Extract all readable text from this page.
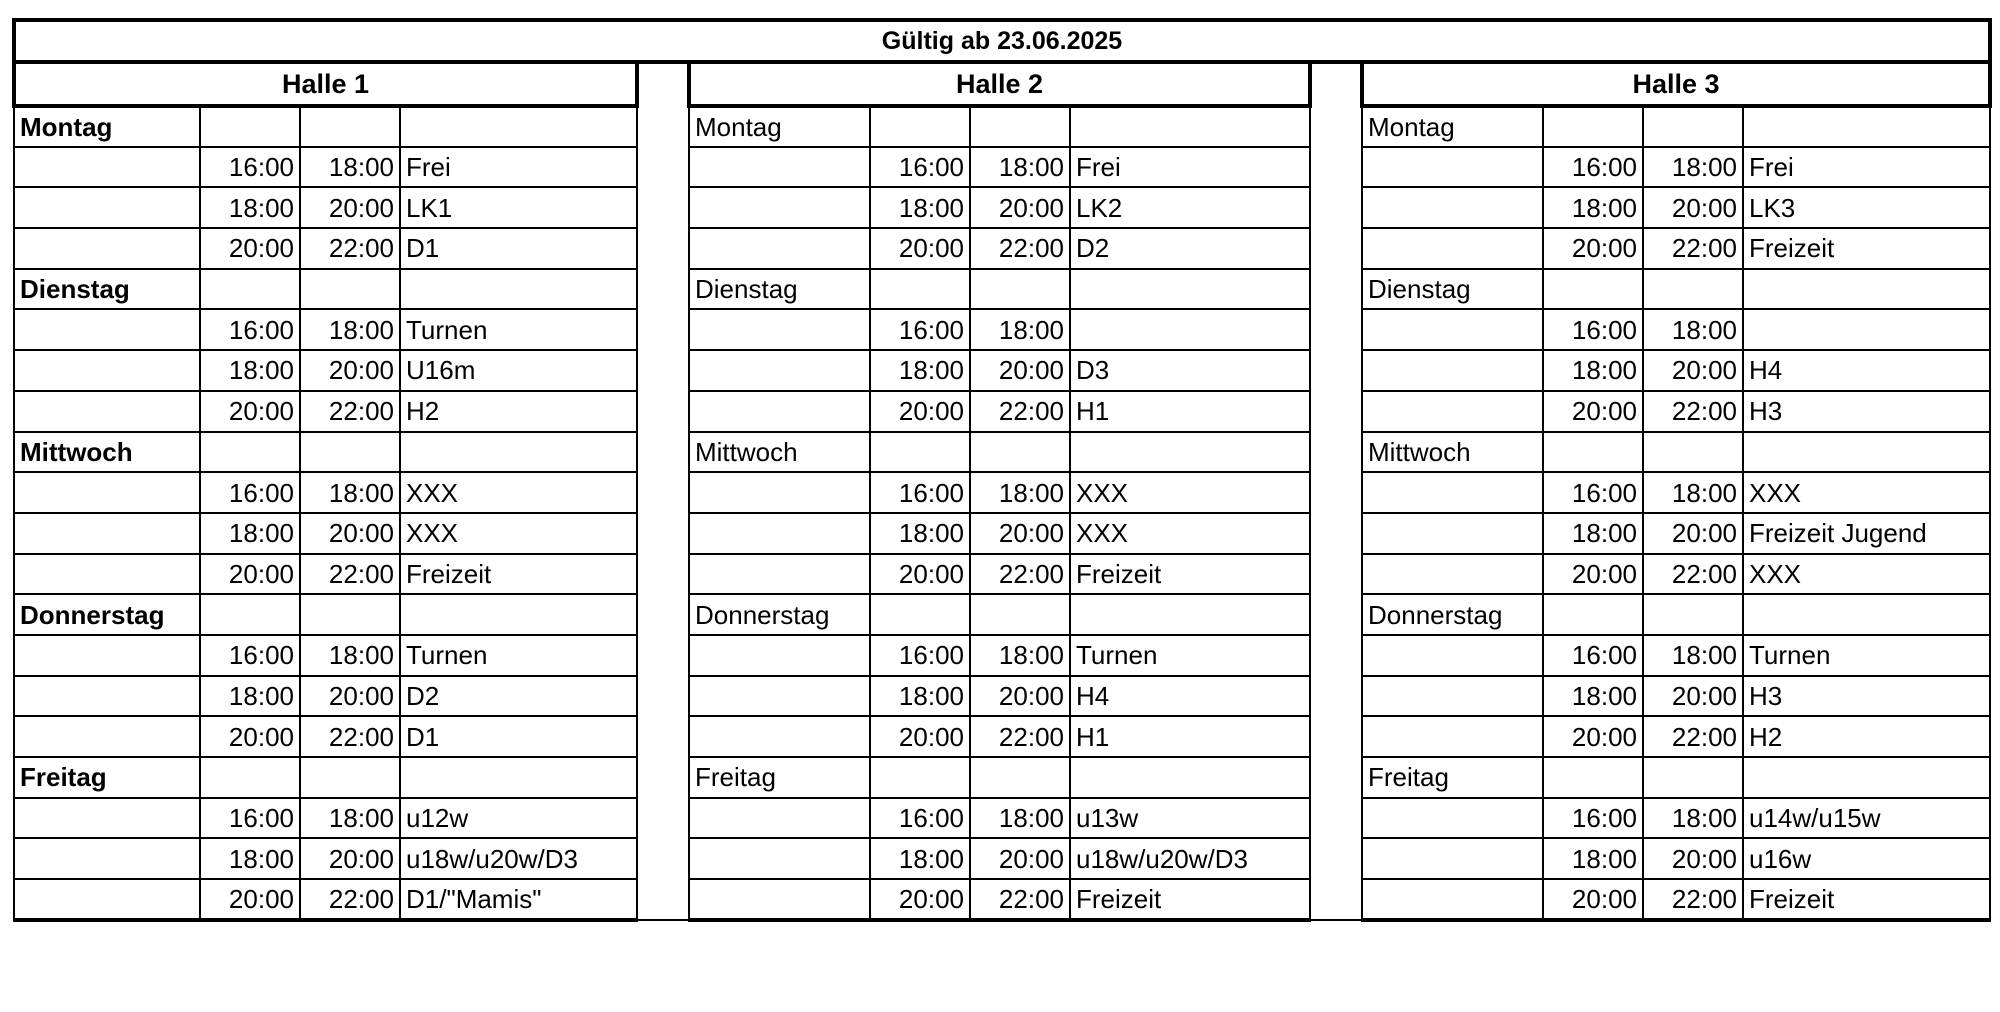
Gültig ab 23.06.2025													
Halle 1					Halle 2					Halle 3			
Montag					Montag					Montag			
	16:00	18:00	Frei			16:00	18:00	Frei			16:00	18:00	Frei
	18:00	20:00	LK1			18:00	20:00	LK2			18:00	20:00	LK3
	20:00	22:00	D1			20:00	22:00	D2			20:00	22:00	Freizeit
Dienstag					Dienstag					Dienstag			
	16:00	18:00	Turnen			16:00	18:00				16:00	18:00	
	18:00	20:00	U16m			18:00	20:00	D3			18:00	20:00	H4
	20:00	22:00	H2			20:00	22:00	H1			20:00	22:00	H3
Mittwoch					Mittwoch					Mittwoch			
	16:00	18:00	XXX			16:00	18:00	XXX			16:00	18:00	XXX
	18:00	20:00	XXX			18:00	20:00	XXX			18:00	20:00	Freizeit Jugend
	20:00	22:00	Freizeit			20:00	22:00	Freizeit			20:00	22:00	XXX
Donnerstag					Donnerstag					Donnerstag			
	16:00	18:00	Turnen			16:00	18:00	Turnen			16:00	18:00	Turnen
	18:00	20:00	D2			18:00	20:00	H4			18:00	20:00	H3
	20:00	22:00	D1			20:00	22:00	H1			20:00	22:00	H2
Freitag					Freitag					Freitag			
	16:00	18:00	u12w			16:00	18:00	u13w			16:00	18:00	u14w/u15w
	18:00	20:00	u18w/u20w/D3			18:00	20:00	u18w/u20w/D3			18:00	20:00	u16w
	20:00	22:00	D1/"Mamis"			20:00	22:00	Freizeit			20:00	22:00	Freizeit
